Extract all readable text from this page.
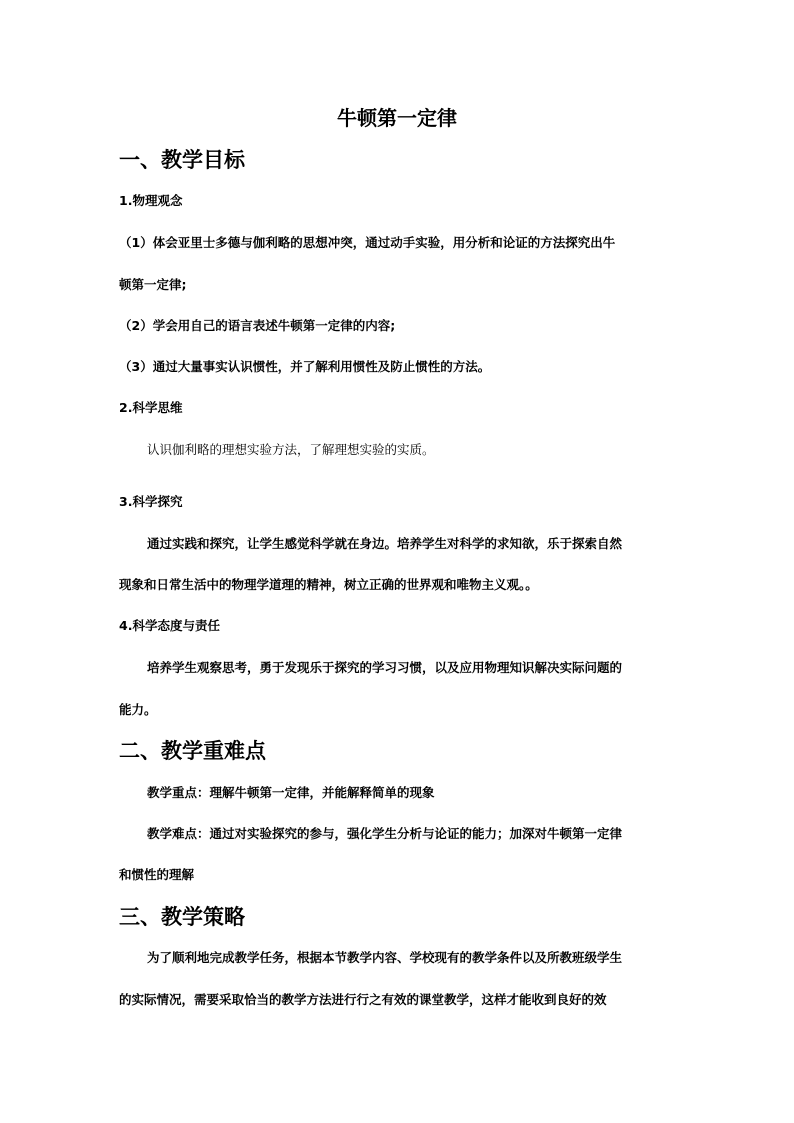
牛顿第一定律
一、教学目标
1.物理观念
（1）体会亚里士多德与伽利略的思想冲突，通过动手实验，用分析和论证的方法探究出牛
顿第一定律;
（2）学会用自己的语言表述牛顿第一定律的内容;
（3）通过大量事实认识惯性，并了解利用惯性及防止惯性的方法。
2.科学思维
认识伽利略的理想实验方法，了解理想实验的实质。
3.科学探究
通过实践和探究，让学生感觉科学就在身边。培养学生对科学的求知欲，乐于探索自然
现象和日常生活中的物理学道理的精神，树立正确的世界观和唯物主义观。。
4.科学态度与责任
培养学生观察思考，勇于发现乐于探究的学习习惯，以及应用物理知识解决实际问题的
能力。
二、教学重难点
教学重点：理解牛顿第一定律，并能解释简单的现象
教学难点：通过对实验探究的参与，强化学生分析与论证的能力；加深对牛顿第一定律
和惯性的理解
三、教学策略
为了顺利地完成教学任务，根据本节教学内容、学校现有的教学条件以及所教班级学生
的实际情况，需要采取恰当的教学方法进行行之有效的课堂教学，这样才能收到良好的效
